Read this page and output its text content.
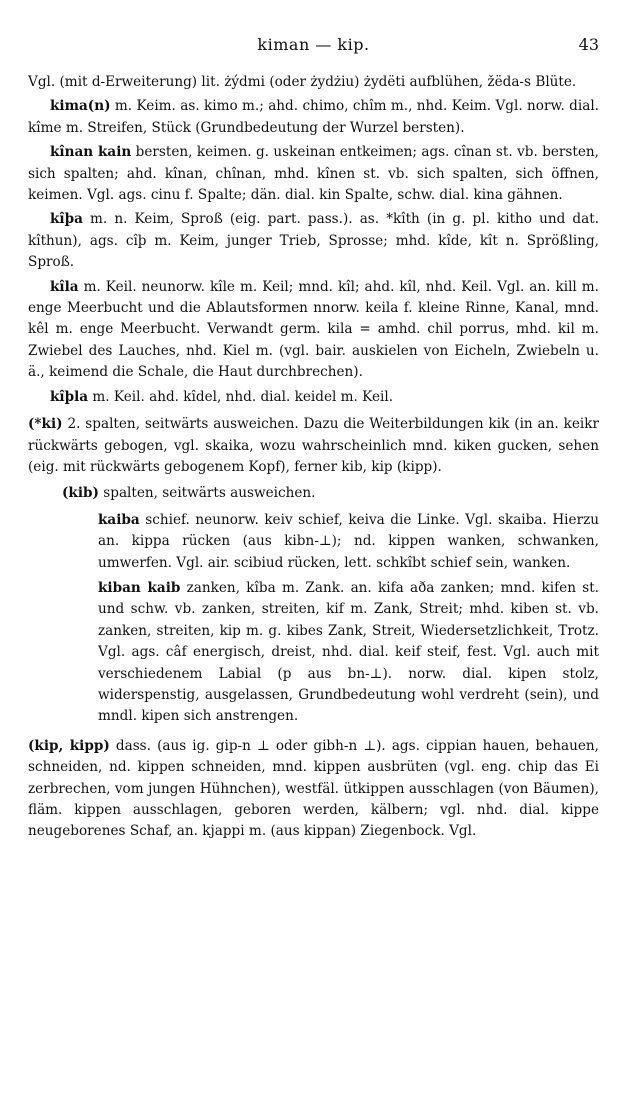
kiman — kip.	43

Vgl. (mit d-Erweiterung) lit. żýdmi (oder żydżiu) żydëti aufblühen, žëda-s Blüte.

kima(n) m. Keim. as. kimo m.; ahd. chimo, chîm m., nhd. Keim. Vgl. norw. dial. kîme m. Streifen, Stück (Grundbedeutung der Wurzel bersten).

kînan kain bersten, keimen. g. uskeinan entkeimen; ags. cînan st. vb. bersten, sich spalten; ahd. kînan, chînan, mhd. kînen st. vb. sich spalten, sich öffnen, keimen. Vgl. ags. cinu f. Spalte; dän. dial. kin Spalte, schw. dial. kina gähnen.

kîþa m. n. Keim, Sproß (eig. part. pass.). as. *kîth (in g. pl. kitho und dat. kîthun), ags. cîþ m. Keim, junger Trieb, Sprosse; mhd. kîde, kît n. Sprößling, Sproß.

kîla m. Keil. neunorw. kîle m. Keil; mnd. kîl; ahd. kîl, nhd. Keil. Vgl. an. kill m. enge Meerbucht und die Ablautsformen nnorw. keila f. kleine Rinne, Kanal, mnd. kêl m. enge Meerbucht. Verwandt germ. kila = amhd. chil porrus, mhd. kil m. Zwiebel des Lauches, nhd. Kiel m. (vgl. bair. auskielen von Eicheln, Zwiebeln u. ä., keimend die Schale, die Haut durchbrechen).

kîþla m. Keil. ahd. kîdel, nhd. dial. keidel m. Keil.

(*ki) 2. spalten, seitwärts ausweichen. Dazu die Weiterbildungen kik (in an. keikr rückwärts gebogen, vgl. skaika, wozu wahrscheinlich mnd. kiken gucken, sehen (eig. mit rückwärts gebogenem Kopf), ferner kib, kip (kipp).

(kib) spalten, seitwärts ausweichen.

kaiba schief. neunorw. keiv schief, keiva die Linke. Vgl. skaiba. Hierzu an. kippa rücken (aus kibn-⊥); nd. kippen wanken, schwanken, umwerfen. Vgl. air. scibiud rücken, lett. schkîbt schief sein, wanken.

kiban kaib zanken, kîba m. Zank. an. kifa aða zanken; mnd. kifen st. und schw. vb. zanken, streiten, kif m. Zank, Streit; mhd. kiben st. vb. zanken, streiten, kip m. g. kibes Zank, Streit, Wiedersetzlichkeit, Trotz. Vgl. ags. câf energisch, dreist, nhd. dial. keif steif, fest. Vgl. auch mit verschiedenem Labial (p aus bn-⊥). norw. dial. kipen stolz, widerspenstig, ausgelassen, Grundbedeutung wohl verdreht (sein), und mndl. kipen sich anstrengen.

(kip, kipp) dass. (aus ig. gip-n ⊥ oder gibh-n ⊥). ags. cippian hauen, behauen, schneiden, nd. kippen schneiden, mnd. kippen ausbrüten (vgl. eng. chip das Ei zerbrechen, vom jungen Hühnchen), westfäl. ütkippen ausschlagen (von Bäumen), fläm. kippen ausschlagen, geboren werden, kälbern; vgl. nhd. dial. kippe neugeborenes Schaf, an. kjappi m. (aus kippan) Ziegenbock. Vgl.
